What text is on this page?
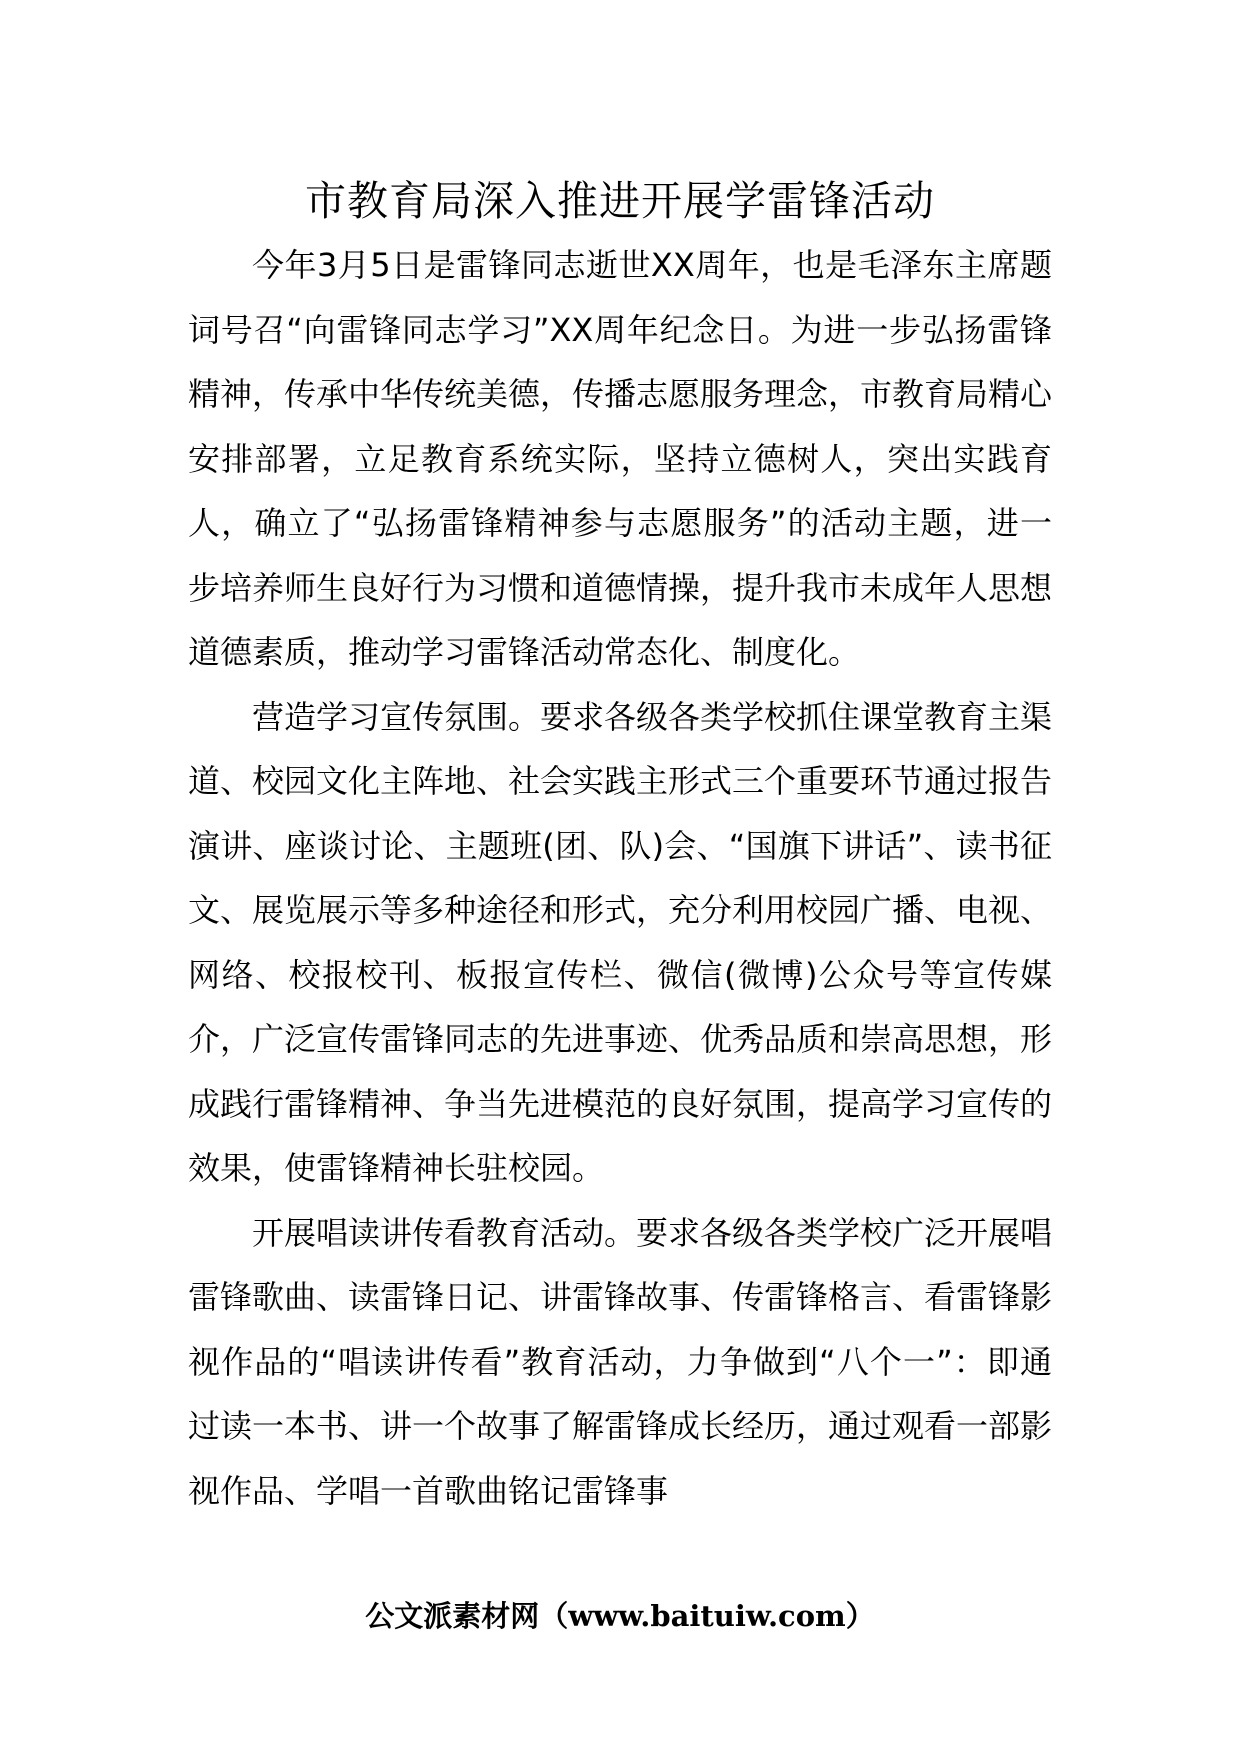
市教育局深入推进开展学雷锋活动

今年3月5日是雷锋同志逝世XX周年，也是毛泽东主席题词号召“向雷锋同志学习”XX周年纪念日。为进一步弘扬雷锋精神，传承中华传统美德，传播志愿服务理念，市教育局精心安排部署，立足教育系统实际，坚持立德树人，突出实践育人，确立了“弘扬雷锋精神参与志愿服务”的活动主题，进一步培养师生良好行为习惯和道德情操，提升我市未成年人思想道德素质，推动学习雷锋活动常态化、制度化。

营造学习宣传氛围。要求各级各类学校抓住课堂教育主渠道、校园文化主阵地、社会实践主形式三个重要环节通过报告演讲、座谈讨论、主题班(团、队)会、“国旗下讲话”、读书征文、展览展示等多种途径和形式，充分利用校园广播、电视、网络、校报校刊、板报宣传栏、微信(微博)公众号等宣传媒介，广泛宣传雷锋同志的先进事迹、优秀品质和崇高思想，形成践行雷锋精神、争当先进模范的良好氛围，提高学习宣传的效果，使雷锋精神长驻校园。

开展唱读讲传看教育活动。要求各级各类学校广泛开展唱雷锋歌曲、读雷锋日记、讲雷锋故事、传雷锋格言、看雷锋影视作品的“唱读讲传看”教育活动，力争做到“八个一”：即通过读一本书、讲一个故事了解雷锋成长经历，通过观看一部影视作品、学唱一首歌曲铭记雷锋事

公文派素材网（www.baituiw.com）
